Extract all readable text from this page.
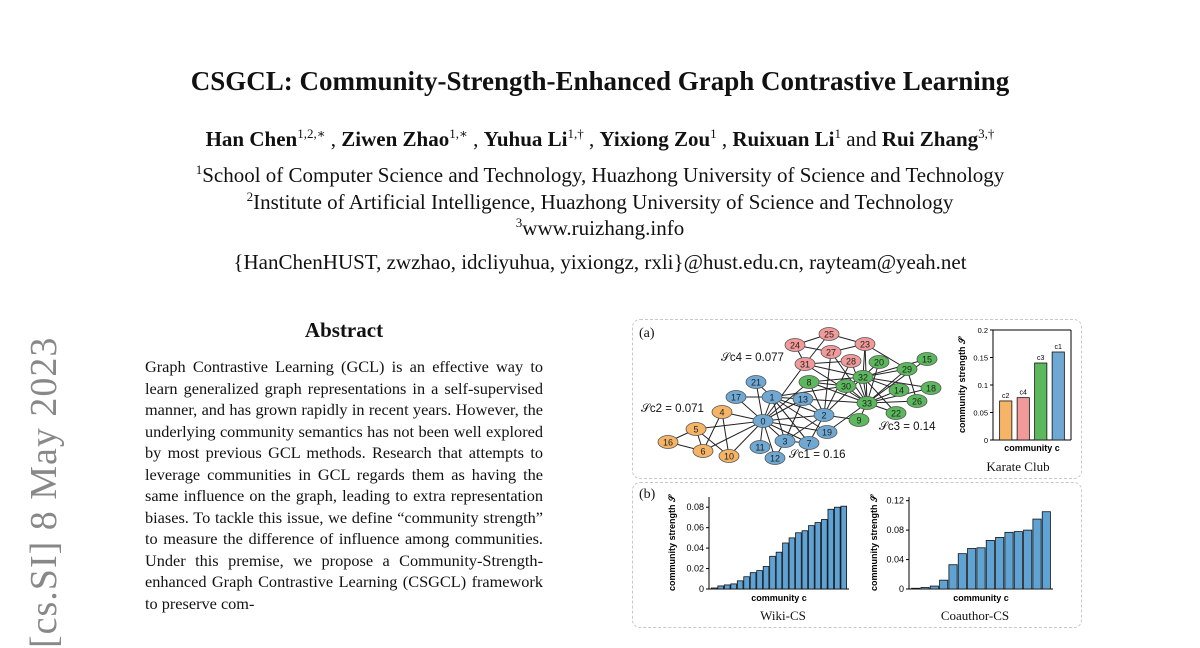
CSGCL: Community-Strength-Enhanced Graph Contrastive Learning
Han Chen$^{1,2,∗}$ , Ziwen Zhao$^{1,∗}$ , Yuhua $Li^{1,\dagger}$ , Yixiong Zou$^1$ , Ruixuan Li$^1$ and Rui Zhang$^{3,\dagger}$
$^1$School of Computer Science and Technology, Huazhong University of Science and Technology
$^2$Institute of Artificial Intelligence, Huazhong University of Science and Technology
$^3$www.ruizhang.info
{HanChenHUST, zwzhao, idcliyuhua, yixiongz, rxli}@hust.edu.cn, rayteam@yeah.net
[cs.SI] 8 May 2023
Abstract
Graph Contrastive Learning (GCL) is an effective way to learn generalized graph representations in a self-supervised manner, and has grown rapidly in recent years. However, the underlying community semantics has not been well explored by most previous GCL methods. Research that attempts to leverage communities in GCL regards them as having the same influence on the graph, leading to extra representation biases. To tackle this issue, we define “community strength” to measure the difference of influence among communities. Under this premise, we propose a Community-Strength-enhanced Graph Contrastive Learning (CSGCL) framework to preserve com-
(a)
0
1
2
3
4
5
6
7
8
9
10
11
12
13
14
15
16
17
18
19
20
21
22
23
24
25
26
27
28
29
30
31
32
33
𝒮c4 = 0.077
𝒮c2 = 0.071
𝒮c3 = 0.14
𝒮c1 = 0.16
0
0.05
0.1
0.15
0.2
c2 c4
c3
c1
community c
community strength 𝒮
Karate Club
(b)
0
0.02
0.04
0.06
0.08
community c
community strength 𝒮
Wiki-CS
0
0.04
0.08
0.12
community c
community strength 𝒮
Coauthor-CS
